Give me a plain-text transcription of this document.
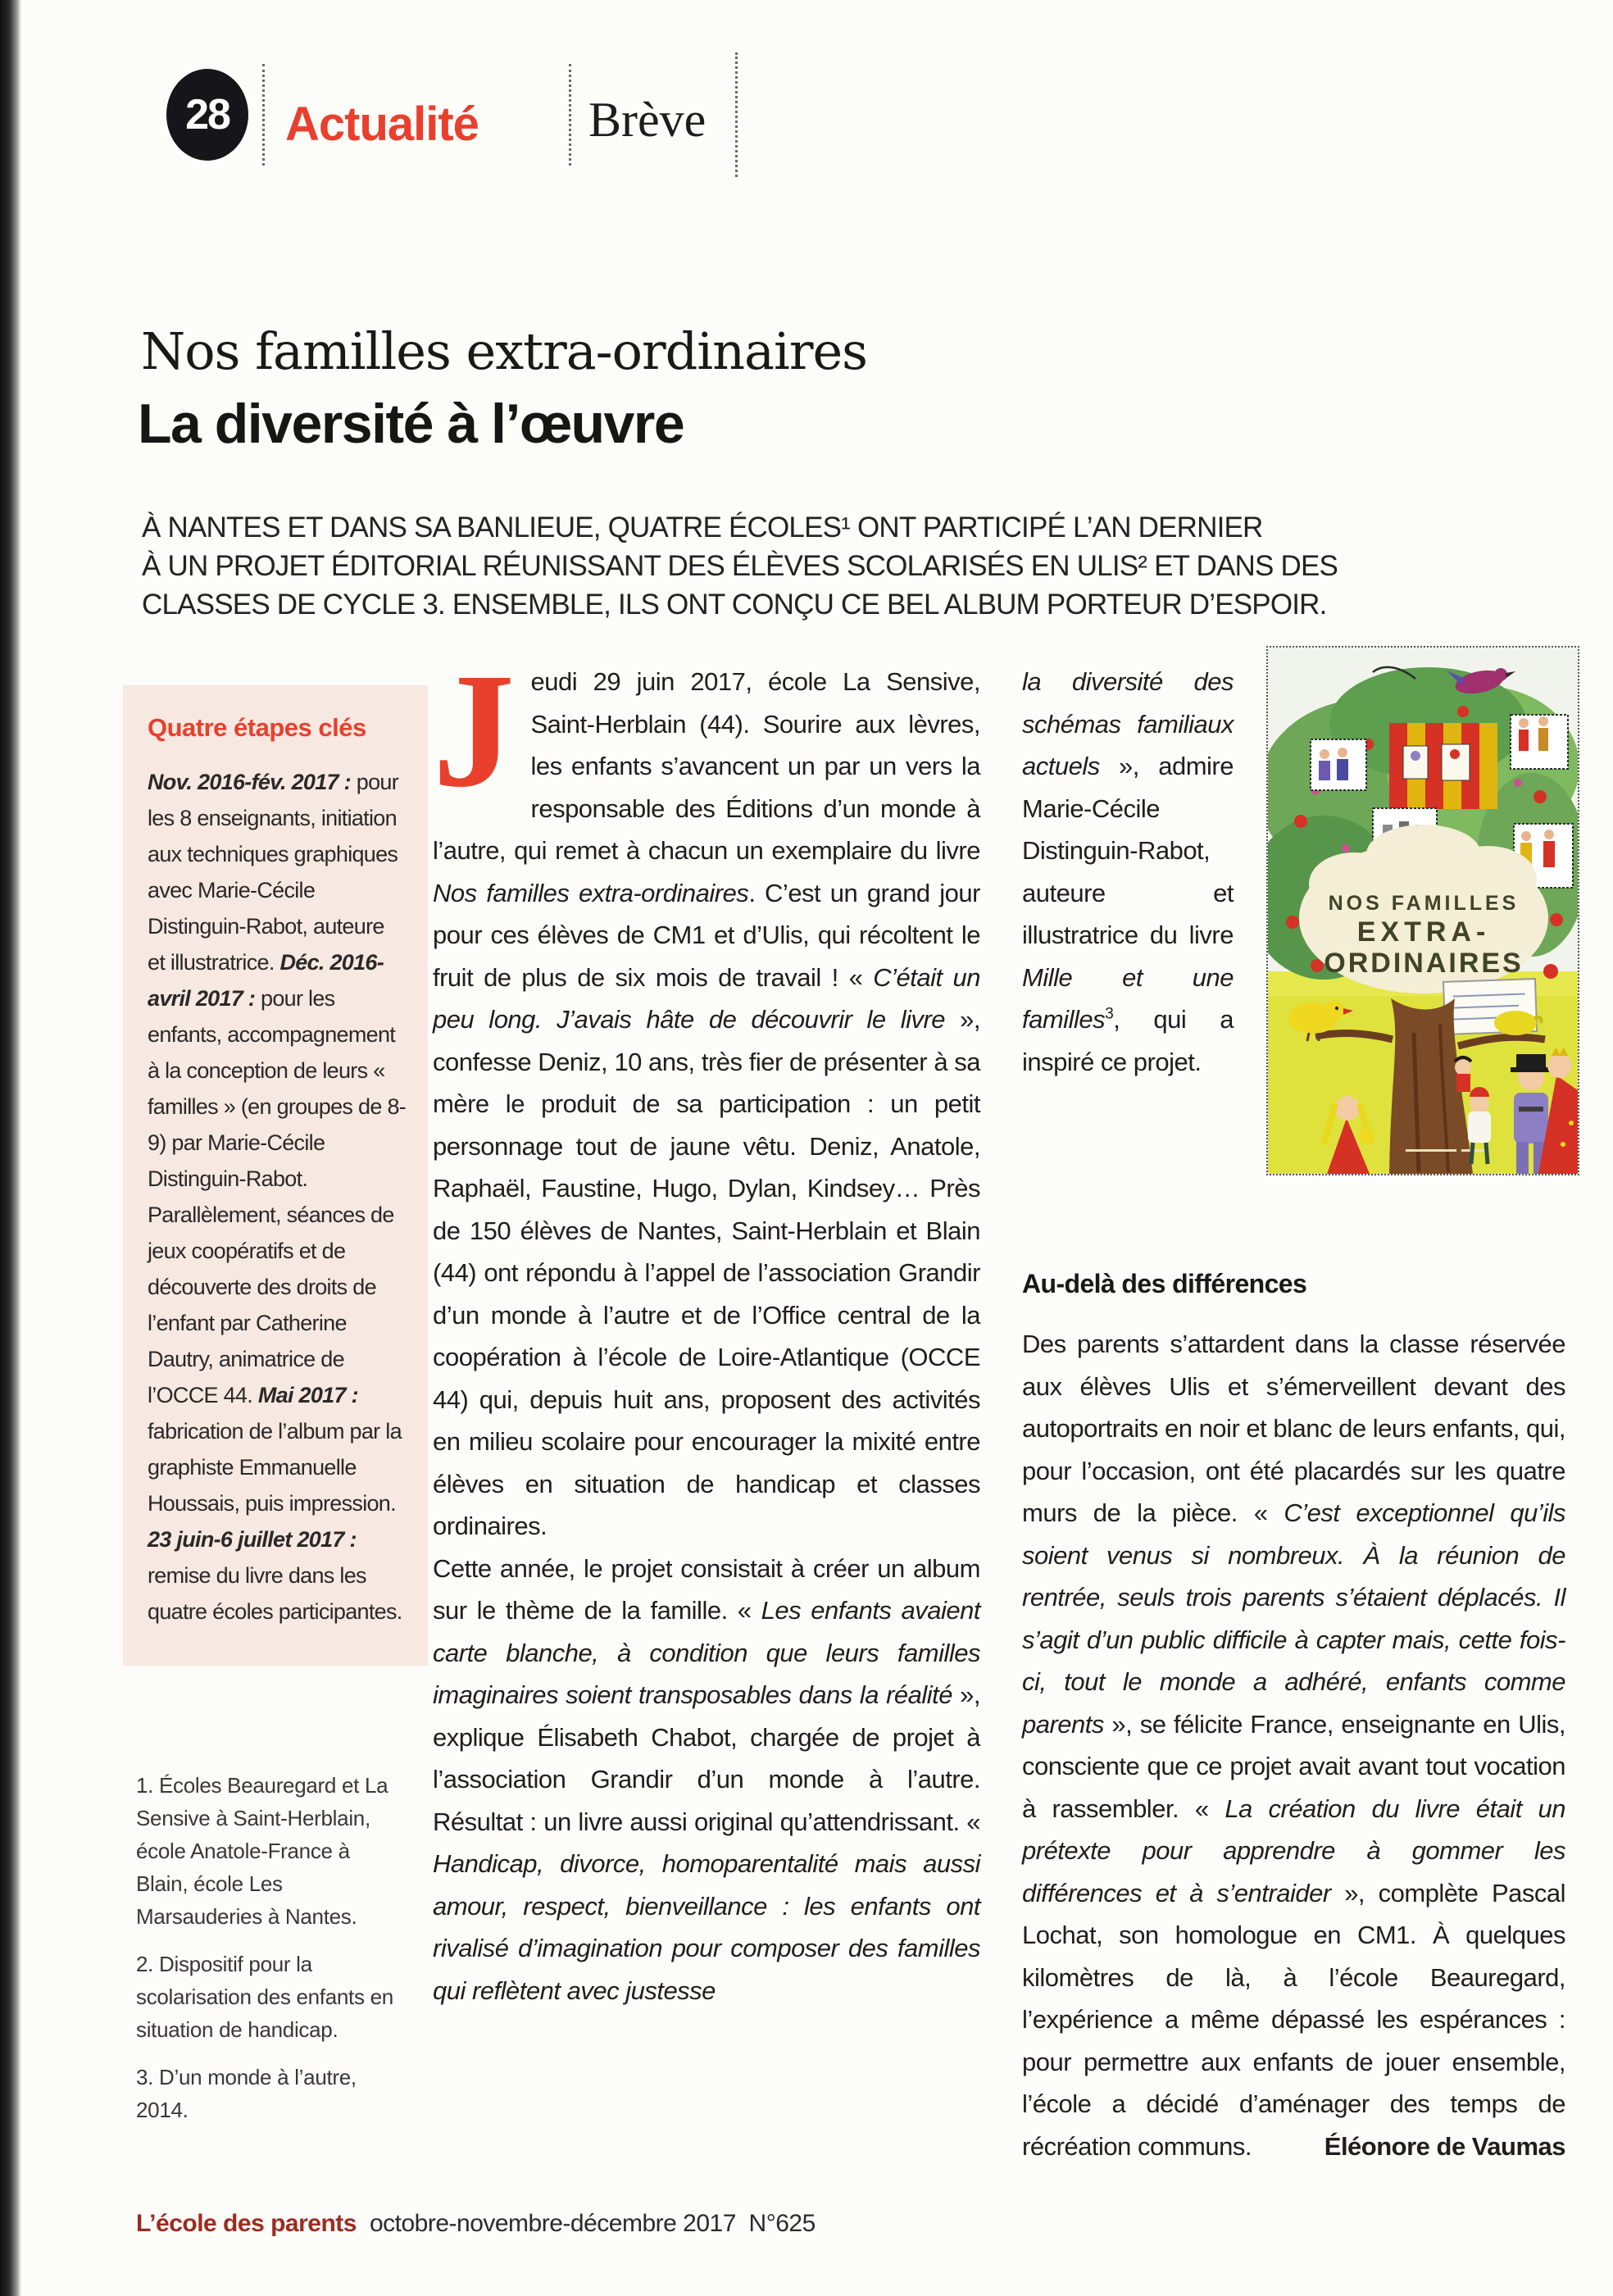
28 Actualité Brève
Nos familles extra-ordinaires
La diversité à l’œuvre
À NANTES ET DANS SA BANLIEUE, QUATRE ÉCOLES¹ ONT PARTICIPÉ L’AN DERNIER
À UN PROJET ÉDITORIAL RÉUNISSANT DES ÉLÈVES SCOLARISÉS EN ULIS² ET DANS DES
CLASSES DE CYCLE 3. ENSEMBLE, ILS ONT CONÇU CE BEL ALBUM PORTEUR D’ESPOIR.
Quatre étapes clés

Nov. 2016-fév. 2017 : pour les 8 enseignants, initiation aux techniques graphiques avec Marie-Cécile Distinguin-Rabot, auteure et illustratrice. Déc. 2016-avril 2017 : pour les enfants, accompagnement à la conception de leurs « familles » (en groupes de 8-9) par Marie-Cécile Distinguin-Rabot. Parallèlement, séances de jeux coopératifs et de découverte des droits de l’enfant par Catherine Dautry, animatrice de l’OCCE 44. Mai 2017 : fabrication de l’album par la graphiste Emmanuelle Houssais, puis impression. 23 juin-6 juillet 2017 : remise du livre dans les quatre écoles participantes.

Jeudi 29 juin 2017, école La Sensive, Saint-Herblain (44). Sourire aux lèvres, les enfants s’avancent un par un vers la responsable des Éditions d’un monde à l’autre, qui remet à chacun un exemplaire du livre Nos familles extra-ordinaires. C’est un grand jour pour ces élèves de CM1 et d’Ulis, qui récoltent le fruit de plus de six mois de travail ! « C’était un peu long. J’avais hâte de découvrir le livre », confesse Deniz, 10 ans, très fier de présenter à sa mère le produit de sa participation : un petit personnage tout de jaune vêtu. Deniz, Anatole, Raphaël, Faustine, Hugo, Dylan, Kindsey… Près de 150 élèves de Nantes, Saint-Herblain et Blain (44) ont répondu à l’appel de l’association Grandir d’un monde à l’autre et de l’Office central de la coopération à l’école de Loire-Atlantique (OCCE 44) qui, depuis huit ans, proposent des activités en milieu scolaire pour encourager la mixité entre élèves en situation de handicap et classes ordinaires.

Cette année, le projet consistait à créer un album sur le thème de la famille. « Les enfants avaient carte blanche, à condition que leurs familles imaginaires soient transposables dans la réalité », explique Élisabeth Chabot, chargée de projet à l’association Grandir d’un monde à l’autre. Résultat : un livre aussi original qu’attendrissant. « Handicap, divorce, homoparentalité mais aussi amour, respect, bienveillance : les enfants ont rivalisé d’imagination pour composer des familles qui reflètent avec justesse

la diversité des schémas familiaux actuels », admire Marie-Cécile Distinguin-Rabot, auteure et illustratrice du livre Mille et une familles$^3$, qui a inspiré ce projet.

NOS FAMILLES
EXTRA-
ORDINAIRES
Au-delà des différences

Des parents s’attardent dans la classe réservée aux élèves Ulis et s’émerveillent devant des autoportraits en noir et blanc de leurs enfants, qui, pour l’occasion, ont été placardés sur les quatre murs de la pièce. « C’est exceptionnel qu’ils soient venus si nombreux. À la réunion de rentrée, seuls trois parents s’étaient déplacés. Il s’agit d’un public difficile à capter mais, cette fois-ci, tout le monde a adhéré, enfants comme parents », se félicite France, enseignante en Ulis, consciente que ce projet avait avant tout vocation à rassembler. « La création du livre était un prétexte pour apprendre à gommer les différences et à s’entraider », complète Pascal Lochat, son homologue en CM1. À quelques kilomètres de là, à l’école Beauregard, l’expérience a même dépassé les espérances : pour permettre aux enfants de jouer ensemble, l’école a décidé d’aménager des temps de récréation communs.	Éléonore de Vaumas

1. Écoles Beauregard et La Sensive à Saint-Herblain, école Anatole-France à Blain, école Les Marsauderies à Nantes.
2. Dispositif pour la scolarisation des enfants en situation de handicap.
3. D’un monde à l’autre, 2014.
L’école des parents octobre-novembre-décembre 2017  N°625
